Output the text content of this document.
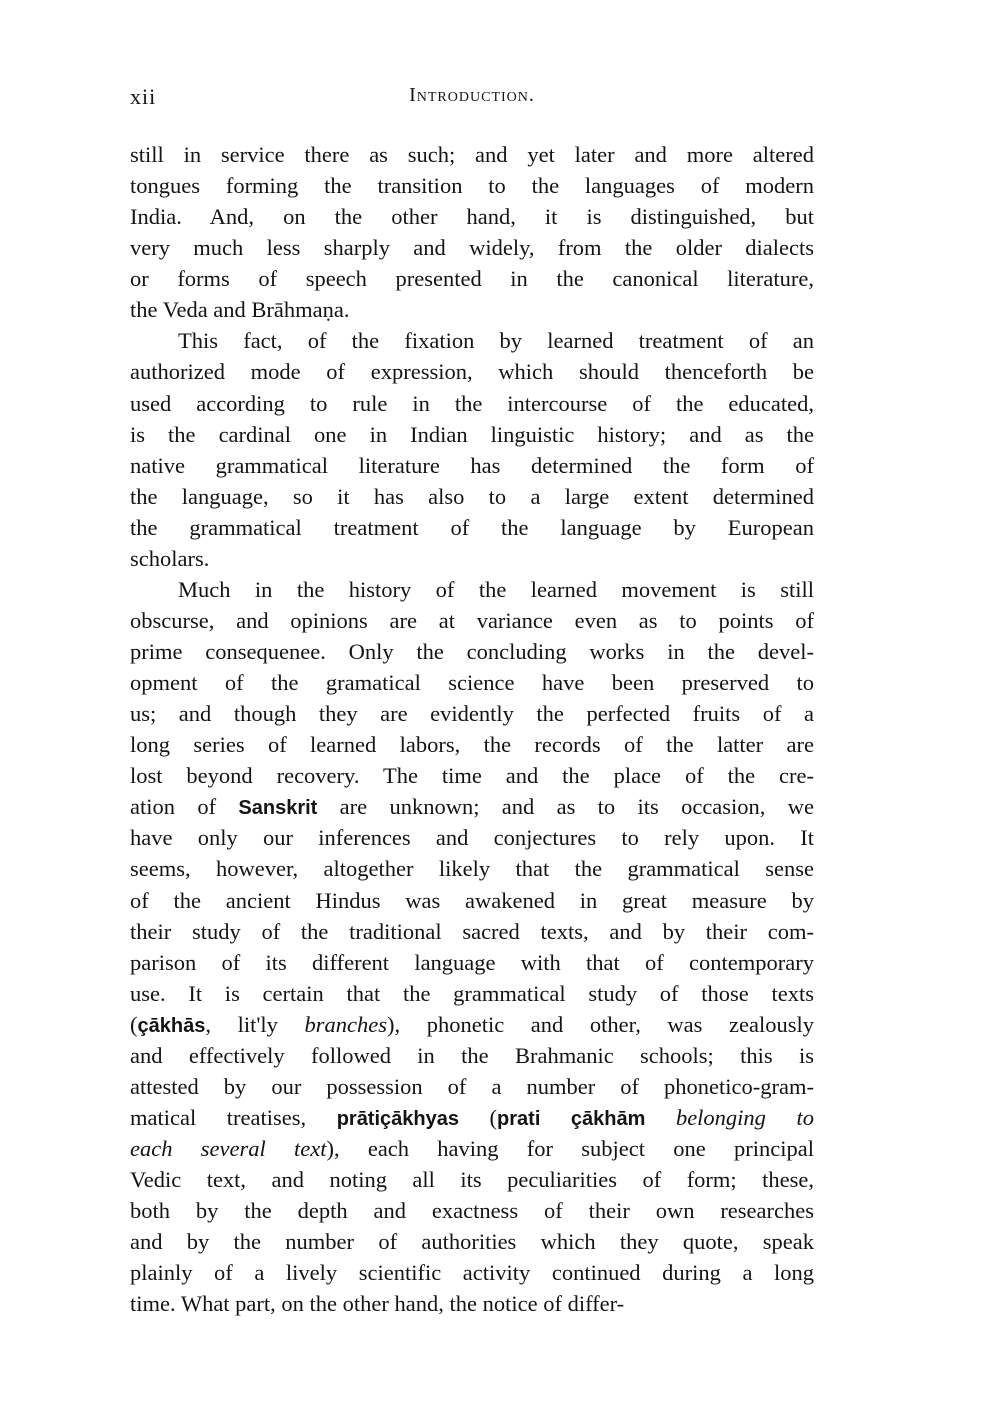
xii	Introduction.
still in service there as such; and yet later and more altered
tongues forming the transition to the languages of modern
India. And, on the other hand, it is distinguished, but
very much less sharply and widely, from the older dialects
or forms of speech presented in the canonical literature,
the Veda and Brāhmaṇa.
This fact, of the fixation by learned treatment of an
authorized mode of expression, which should thenceforth be
used according to rule in the intercourse of the educated,
is the cardinal one in Indian linguistic history; and as the
native grammatical literature has determined the form of
the language, so it has also to a large extent determined
the grammatical treatment of the language by European
scholars.
Much in the history of the learned movement is still
obscurse, and opinions are at variance even as to points of
prime consequenee. Only the concluding works in the devel-
opment of the gramatical science have been preserved to
us; and though they are evidently the perfected fruits of a
long series of learned labors, the records of the latter are
lost beyond recovery. The time and the place of the cre-
ation of Sanskrit are unknown; and as to its occasion, we
have only our inferences and conjectures to rely upon. It
seems, however, altogether likely that the grammatical sense
of the ancient Hindus was awakened in great measure by
their study of the traditional sacred texts, and by their com-
parison of its different language with that of contemporary
use. It is certain that the grammatical study of those texts
(çākhās, lit'ly branches), phonetic and other, was zealously
and effectively followed in the Brahmanic schools; this is
attested by our possession of a number of phonetico-gram-
matical treatises, prātiçākhyas (prati çākhām belonging to
each several text), each having for subject one principal
Vedic text, and noting all its peculiarities of form; these,
both by the depth and exactness of their own researches
and by the number of authorities which they quote, speak
plainly of a lively scientific activity continued during a long
time. What part, on the other hand, the notice of differ-
